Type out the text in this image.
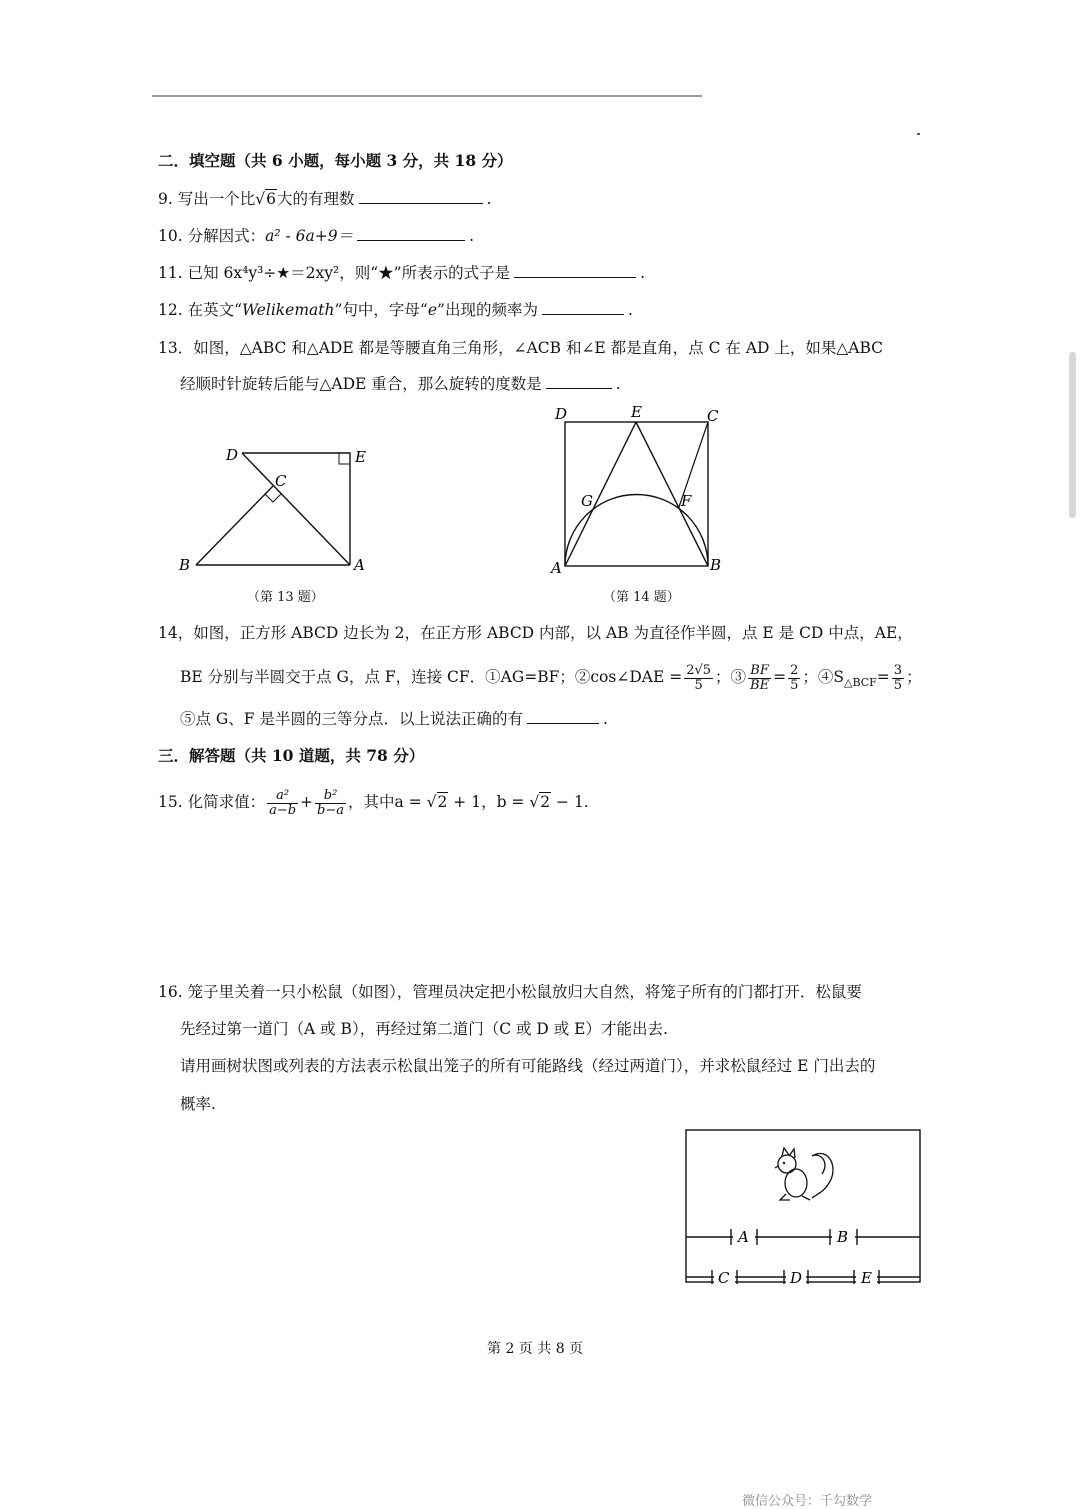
二．填空题（共 6 小题，每小题 3 分，共 18 分）
9. 写出一个比√6大的有理数	.
10. 分解因式：a² - 6a+9＝	.
11. 已知 6x⁴y³÷★＝2xy²，则“★”所表示的式子是	.
12. 在英文“Welikemath”句中，字母“e”出现的频率为	.
13．如图，△ABC 和△ADE 都是等腰直角三角形，∠ACB 和∠E 都是直角，点 C 在 AD 上，如果△ABC
经顺时针旋转后能与△ADE 重合，那么旋转的度数是	.
D	E
C
B	A
（第 13 题）
D	E	C
G	F
A	B
（第 14 题）
14，如图，正方形 ABCD 边长为 2，在正方形 ABCD 内部，以 AB 为直径作半圆，点 E 是 CD 中点，AE，
BE 分别与半圆交于点 G，点 F，连接 CF．①AG=BF；②cos∠DAE = $\frac{2√5}{5}$ ；③ $\frac{BF}{BE} = \frac{2}{5}$ ；$④S_{\triangle BCF}= \frac{3}{5}$ ；
⑤点 G、F 是半圆的三等分点．以上说法正确的有	.
三．解答题（共 10 道题，共 78 分）
15. 化简求值： $\frac{\text{a²}}{a-b} + \frac{\text{b²}}{b-a}$ ，其中a = √2 + 1，b = √2 − 1.
16. 笼子里关着一只小松鼠（如图），管理员决定把小松鼠放归大自然，将笼子所有的门都打开．松鼠要
先经过第一道门（A 或 B），再经过第二道门（C 或 D 或 E）才能出去.
请用画树状图或列表的方法表示松鼠出笼子的所有可能路线（经过两道门），并求松鼠经过 E 门出去的
概率.
A	B
C	D	E
第 2 页 共 8 页
微信公众号：千勾数学
